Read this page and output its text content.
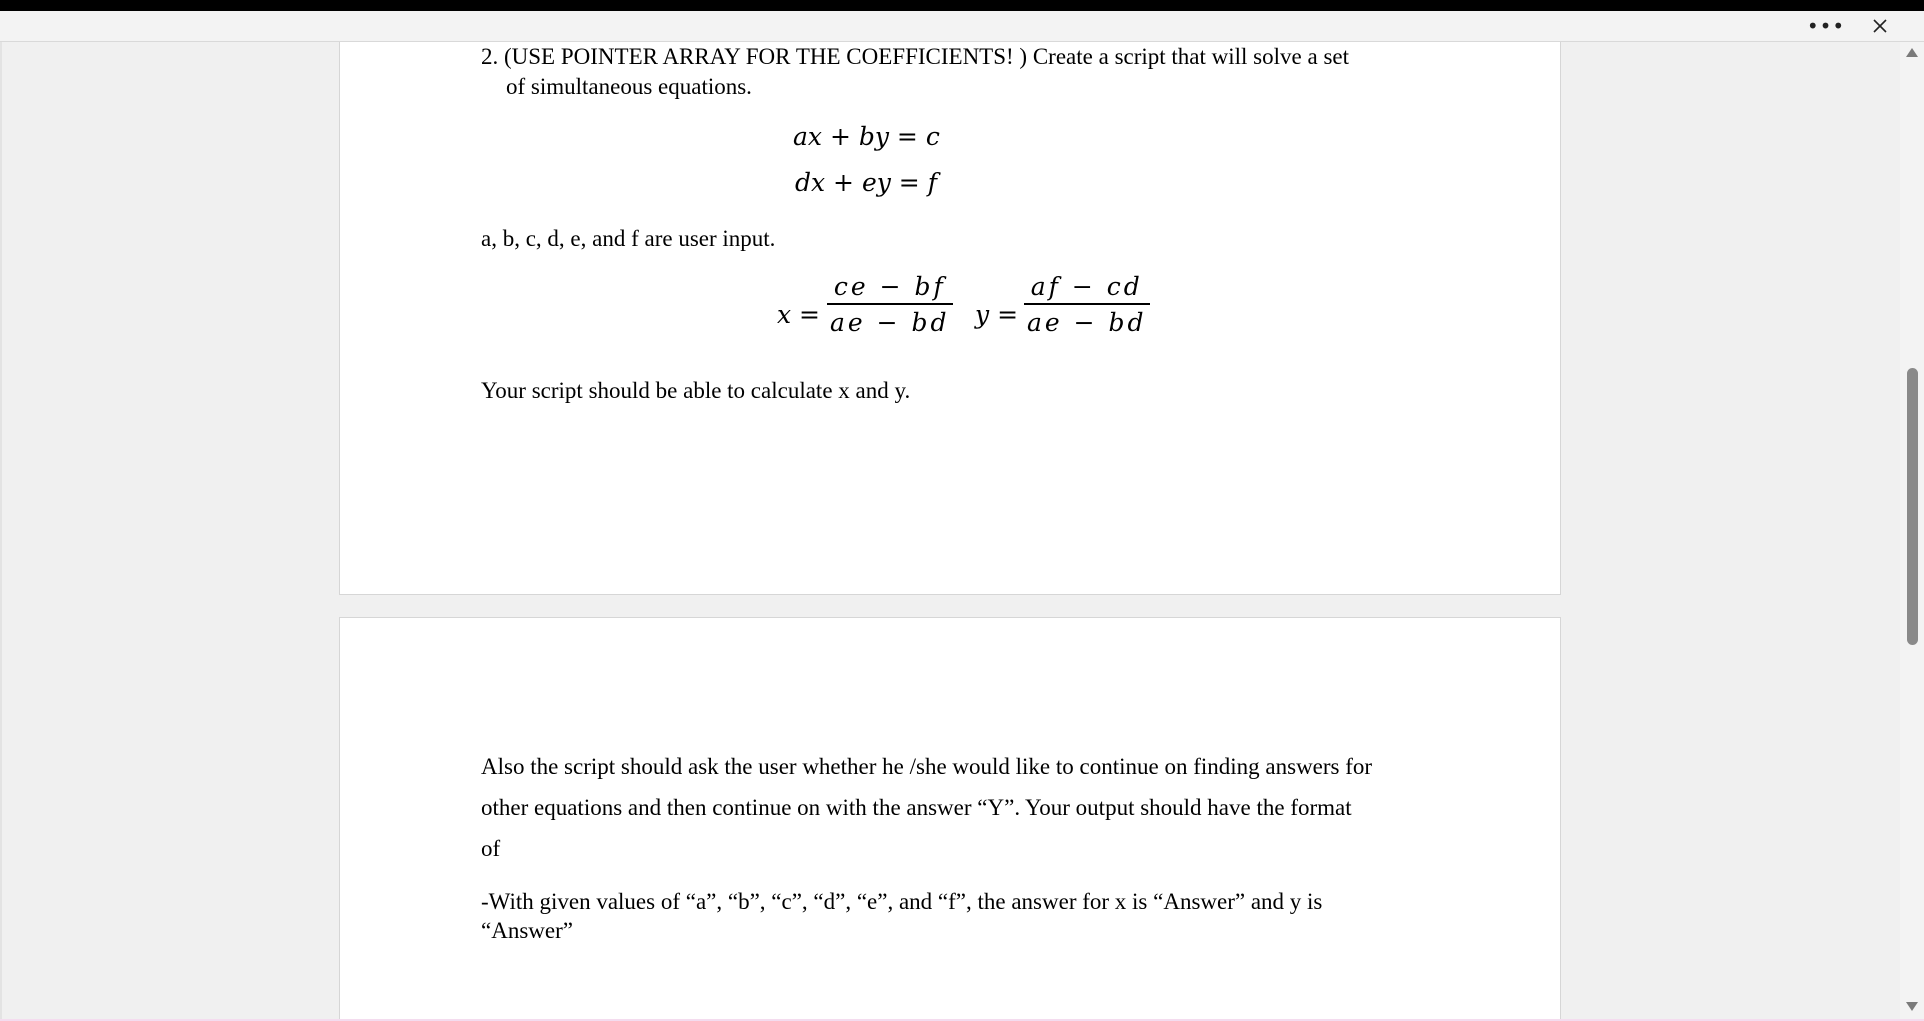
•••
2. (USE POINTER ARRAY FOR THE COEFFICIENTS! ) Create a script that will solve a set
of simultaneous equations.
ax + by = c
dx + ey = f
a, b, c, d, e, and f are user input.
x =
ce − bf
ae − bd y =
af − cd
ae − bd
Your script should be able to calculate x and y.
Also the script should ask the user whether he /she would like to continue on finding answers for
other equations and then continue on with the answer “Y”. Your output should have the format
of
-With given values of “a”, “b”, “c”, “d”, “e”, and “f”, the answer for x is “Answer” and y is
“Answer”
